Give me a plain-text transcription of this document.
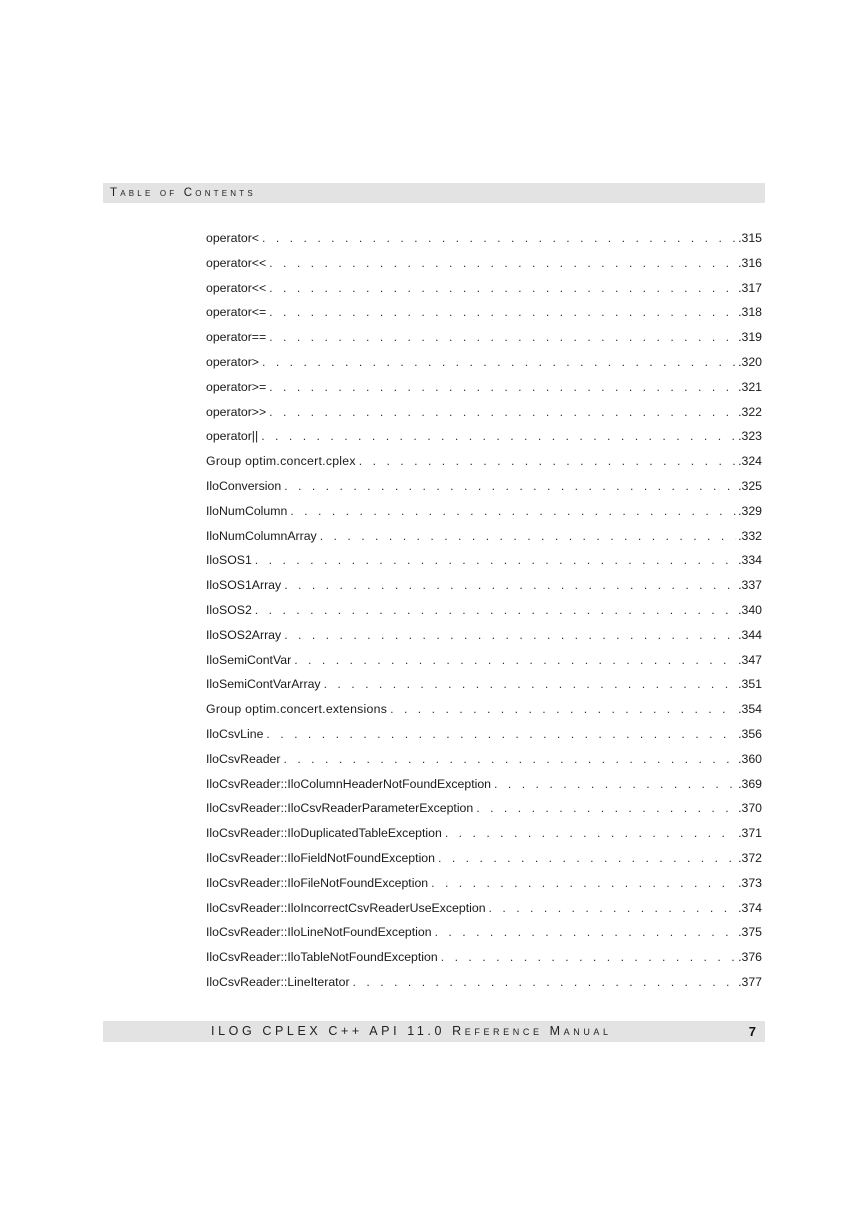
Table of Contents
operator< . . .	.315
operator<< . . .	.316
operator<< . . .	.317
operator<= . . .	.318
operator== . . .	.319
operator> . . .	.320
operator>= . . .	.321
operator>> . . .	.322
operator|| . . .	.323
Group optim.concert.cplex . . .	.324
IloConversion . . .	.325
IloNumColumn . . .	.329
IloNumColumnArray . . .	.332
IloSOS1 . . .	.334
IloSOS1Array . . .	.337
IloSOS2 . . .	.340
IloSOS2Array . . .	.344
IloSemiContVar . . .	.347
IloSemiContVarArray . . .	.351
Group optim.concert.extensions . . .	.354
IloCsvLine . . .	.356
IloCsvReader . . .	.360
IloCsvReader::IloColumnHeaderNotFoundException . . .	.369
IloCsvReader::IloCsvReaderParameterException . . .	.370
IloCsvReader::IloDuplicatedTableException . . .	.371
IloCsvReader::IloFieldNotFoundException . . .	.372
IloCsvReader::IloFileNotFoundException . . .	.373
IloCsvReader::IloIncorrectCsvReaderUseException . . .	.374
IloCsvReader::IloLineNotFoundException . . .	.375
IloCsvReader::IloTableNotFoundException . . .	.376
IloCsvReader::LineIterator . . .	.377
ILOG CPLEX C++ API 11.0 Reference Manual	7
